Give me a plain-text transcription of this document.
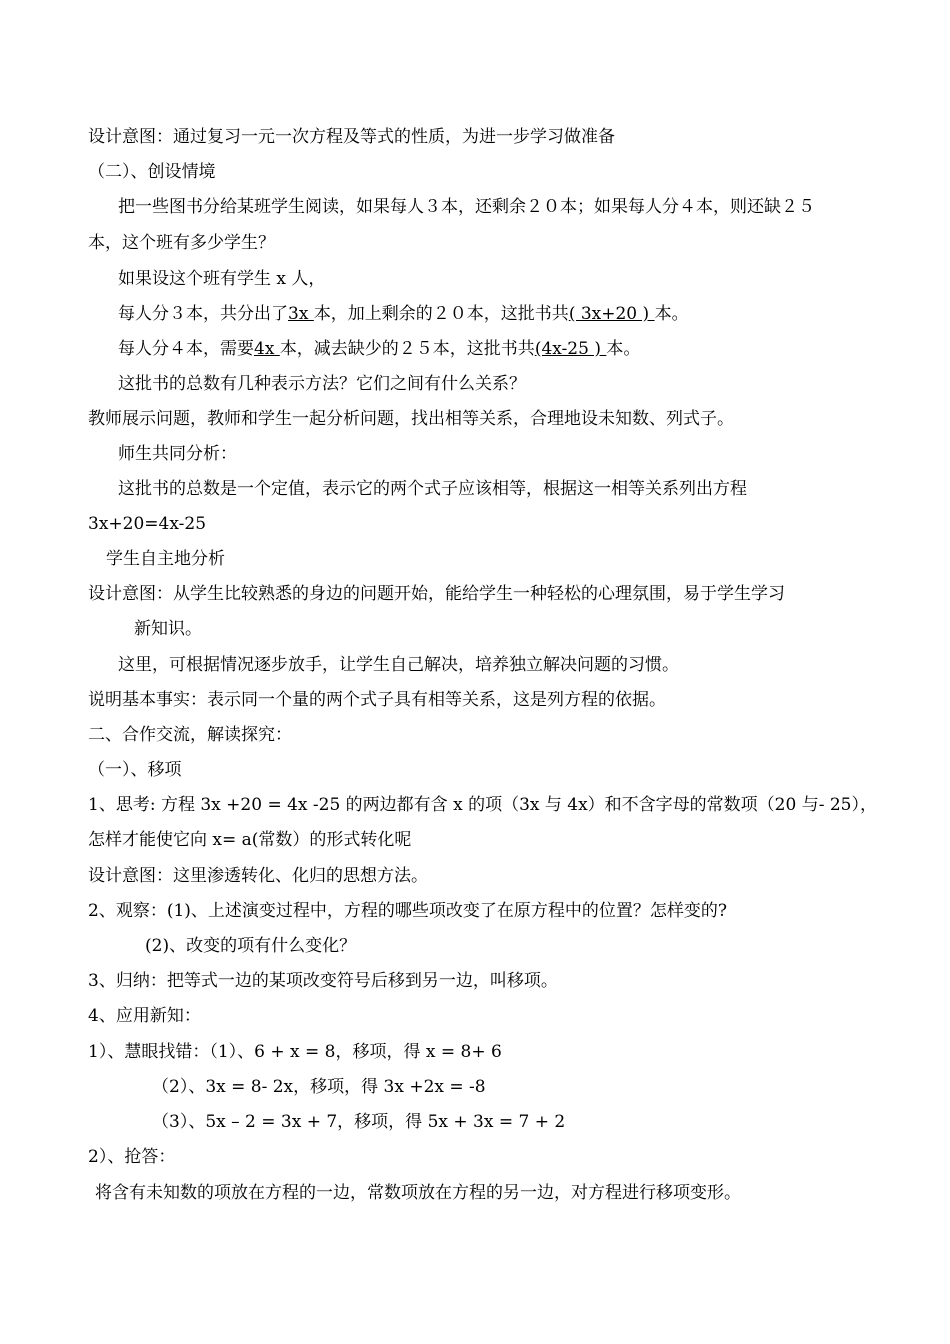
设计意图：通过复习一元一次方程及等式的性质，为进一步学习做准备
（二）、创设情境
把一些图书分给某班学生阅读，如果每人３本，还剩余２０本；如果每人分４本，则还缺２５
本，这个班有多少学生？
如果设这个班有学生 x 人，
每人分３本，共分出了3x 本，加上剩余的２０本，这批书共( 3x+20 ) 本。
每人分４本，需要4x 本，减去缺少的２５本，这批书共(4x-25 ) 本。
这批书的总数有几种表示方法？它们之间有什么关系？
教师展示问题，教师和学生一起分析问题，找出相等关系，合理地设未知数、列式子。
师生共同分析：
这批书的总数是一个定值，表示它的两个式子应该相等，根据这一相等关系列出方程
3x+20=4x-25
学生自主地分析
设计意图：从学生比较熟悉的身边的问题开始，能给学生一种轻松的心理氛围，易于学生学习
新知识。
这里，可根据情况逐步放手，让学生自己解决，培养独立解决问题的习惯。
说明基本事实：表示同一个量的两个式子具有相等关系，这是列方程的依据。
二、合作交流，解读探究：
（一）、移项
1、思考: 方程 3x +20 = 4x -25 的两边都有含 x 的项（3x 与 4x）和不含字母的常数项（20 与- 25），
怎样才能使它向 x= a(常数）的形式转化呢
设计意图：这里渗透转化、化归的思想方法。
2、观察：(1)、上述演变过程中，方程的哪些项改变了在原方程中的位置？怎样变的?
(2)、改变的项有什么变化？
3、归纳：把等式一边的某项改变符号后移到另一边，叫移项。
4、应用新知：
1）、慧眼找错：（1）、6 + x = 8，移项，得 x = 8+ 6
（2）、3x = 8- 2x，移项，得 3x +2x = -8
（3）、5x – 2 = 3x + 7，移项，得 5x + 3x = 7 + 2
2）、抢答：
将含有未知数的项放在方程的一边，常数项放在方程的另一边，对方程进行移项变形。
